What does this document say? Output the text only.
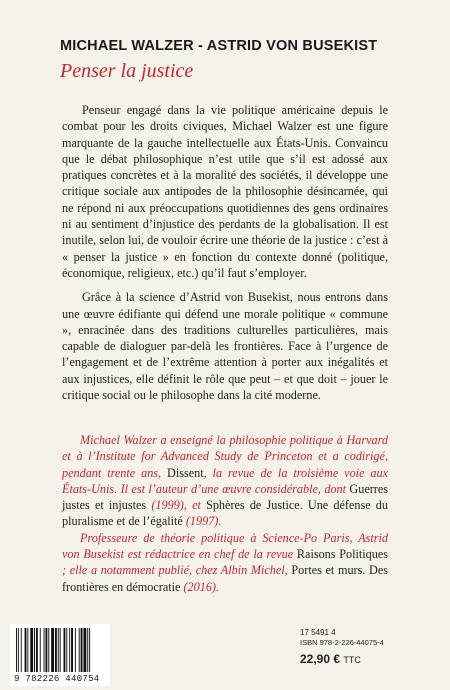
MICHAEL WALZER - ASTRID VON BUSEKIST
Penser la justice

Penseur engagé dans la vie politique américaine depuis le combat pour les droits civiques, Michael Walzer est une figure marquante de la gauche intellectuelle aux États-Unis. Convaincu que le débat philosophique n’est utile que s’il est adossé aux pratiques concrètes et à la moralité des sociétés, il développe une critique sociale aux antipodes de la philosophie désincarnée, qui ne répond ni aux préoccupations quotidiennes des gens ordinaires ni au sentiment d’injustice des perdants de la globalisation. Il est inutile, selon lui, de vouloir écrire une théorie de la justice : c’est à « penser la justice » en fonction du contexte donné (politique, économique, religieux, etc.) qu’il faut s’employer.

Grâce à la science d’Astrid von Busekist, nous entrons dans une œuvre édifiante qui défend une morale politique « commune », enracinée dans des traditions culturelles particulières, mais capable de dialoguer par-delà les frontières. Face à l’urgence de l’engagement et de l’extrême attention à porter aux inégalités et aux injustices, elle définit le rôle que peut – et que doit – jouer le critique social ou le philosophe dans la cité moderne.

Michael Walzer a enseigné la philosophie politique à Harvard et à l’Institute for Advanced Study de Princeton et a codirigé, pendant trente ans, Dissent, la revue de la troisième voie aux États-Unis. Il est l’auteur d’une œuvre considérable, dont Guerres justes et injustes (1999), et Sphères de Justice. Une défense du pluralisme et de l’égalité (1997).

Professeure de théorie politique à Science-Po Paris, Astrid von Busekist est rédactrice en chef de la revue Raisons Politiques ; elle a notamment publié, chez Albin Michel, Portes et murs. Des frontières en démocratie (2016).

9 782226 440754
17 5491 4
ISBN 978-2-226-44075-4
22,90 € TTC
